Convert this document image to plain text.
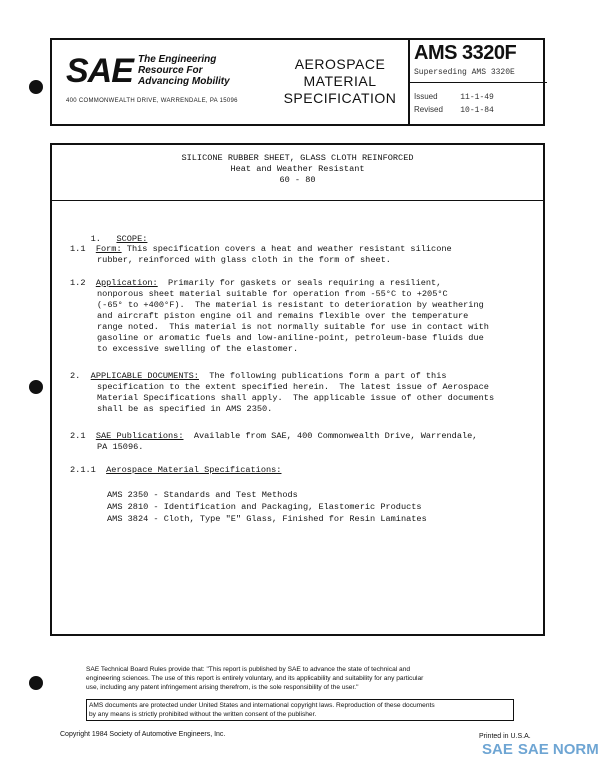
SAE The Engineering
Resource For
Advancing Mobility
400 COMMONWEALTH DRIVE, WARRENDALE, PA 15096
AEROSPACE
MATERIAL
SPECIFICATION
AMS 3320F
Superseding AMS 3320E
Issued	11-1-49
Revised 10-1-84
SILICONE RUBBER SHEET, GLASS CLOTH REINFORCED
Heat and Weather Resistant
60 - 80

1. SCOPE:

1.1 Form: This specification covers a heat and weather resistant silicone
rubber, reinforced with glass cloth in the form of sheet.
1.2 Application: Primarily for gaskets or seals requiring a resilient,
nonporous sheet material suitable for operation from -55°C to +205°C
(-65° to +400°F).  The material is resistant to deterioration by weathering
and aircraft piston engine oil and remains flexible over the temperature
range noted.  This material is not normally suitable for use in contact with
gasoline or aromatic fuels and low-aniline-point, petroleum-base fluids due
to excessive swelling of the elastomer.
2. APPLICABLE DOCUMENTS: The following publications form a part of this
specification to the extent specified herein.  The latest issue of Aerospace
Material Specifications shall apply.  The applicable issue of other documents
shall be as specified in AMS 2350.
2.1 SAE Publications: Available from SAE, 400 Commonwealth Drive, Warrendale,
PA 15096.
2.1.1 Aerospace Material Specifications:
AMS 2350 - Standards and Test Methods
AMS 2810 - Identification and Packaging, Elastomeric Products
AMS 3824 - Cloth, Type "E" Glass, Finished for Resin Laminates
SAE Technical Board Rules provide that: "This report is published by SAE to advance the state of technical and
engineering sciences. The use of this report is entirely voluntary, and its applicability and suitability for any particular
use, including any patent infringement arising therefrom, is the sole responsibility of the user."
AMS documents are protected under United States and international copyright laws. Reproduction of these documents
by any means is strictly prohibited without the written consent of the publisher.
Copyright 1984 Society of Automotive Engineers, Inc.	Printed in U.S.A.
SAE SAE NORM
